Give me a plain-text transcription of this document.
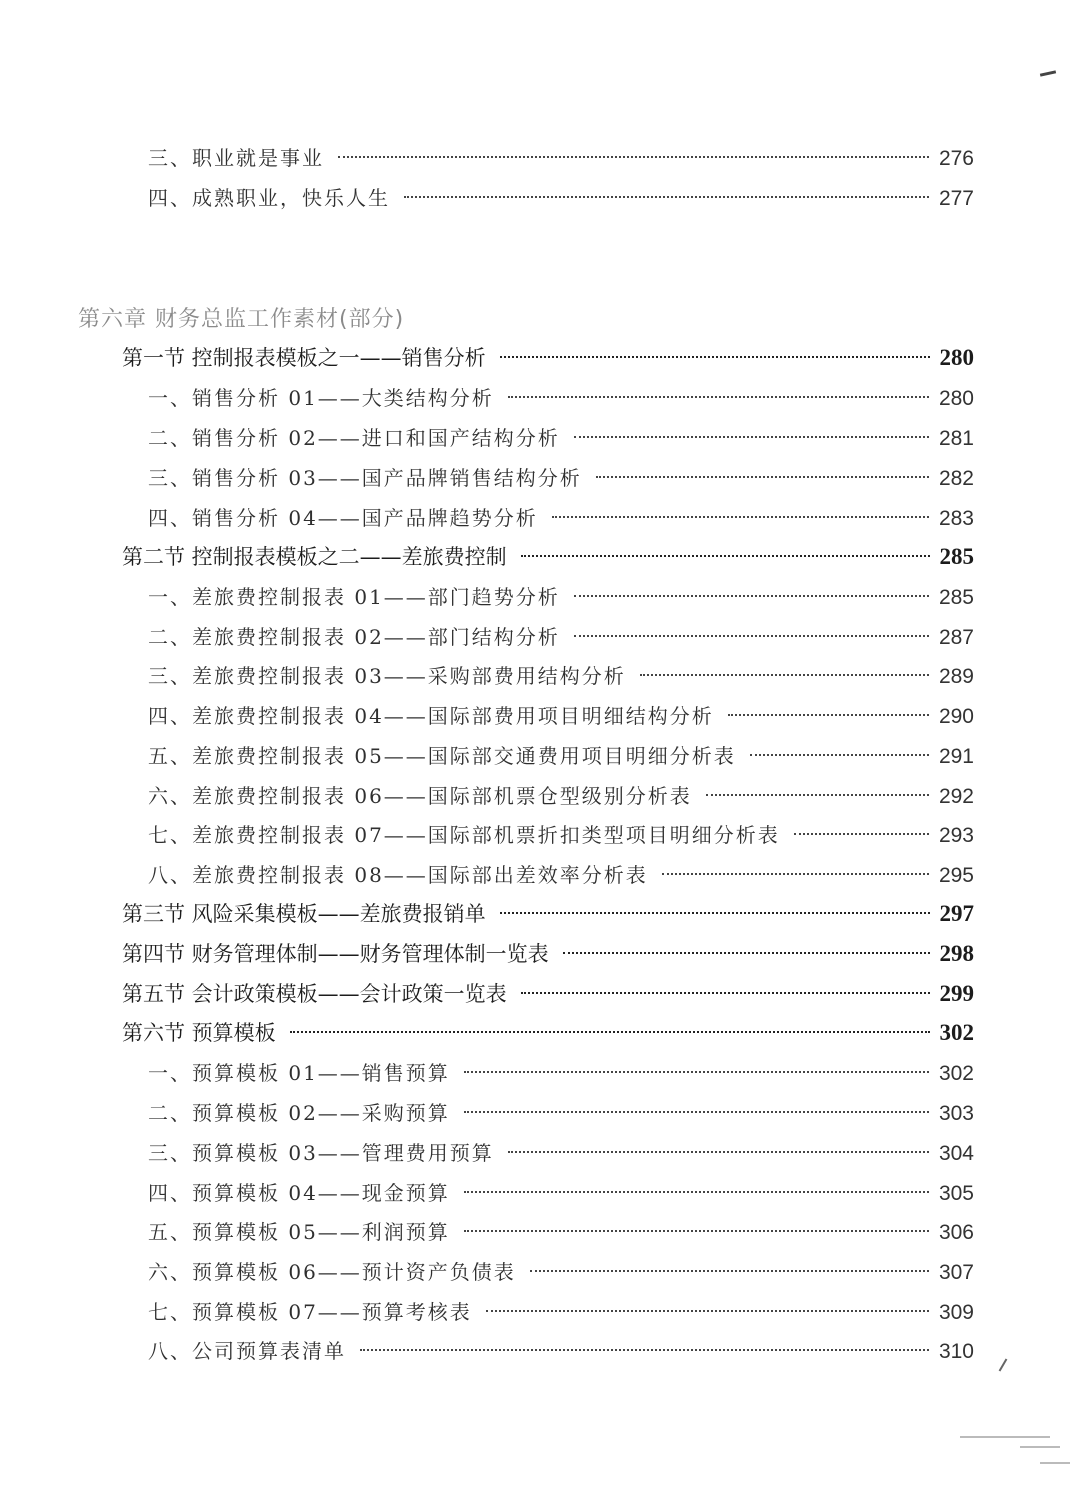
三、职业就是事业	276
四、成熟职业，快乐人生	277
第六章 财务总监工作素材(部分)
第一节 控制报表模板之一——销售分析	280
一、销售分析 01——大类结构分析	280
二、销售分析 02——进口和国产结构分析	281
三、销售分析 03——国产品牌销售结构分析	282
四、销售分析 04——国产品牌趋势分析	283
第二节 控制报表模板之二——差旅费控制	285
一、差旅费控制报表 01——部门趋势分析	285
二、差旅费控制报表 02——部门结构分析	287
三、差旅费控制报表 03——采购部费用结构分析	289
四、差旅费控制报表 04——国际部费用项目明细结构分析	290
五、差旅费控制报表 05——国际部交通费用项目明细分析表	291
六、差旅费控制报表 06——国际部机票仓型级别分析表	292
七、差旅费控制报表 07——国际部机票折扣类型项目明细分析表	293
八、差旅费控制报表 08——国际部出差效率分析表	295
第三节 风险采集模板——差旅费报销单	297
第四节 财务管理体制——财务管理体制一览表	298
第五节 会计政策模板——会计政策一览表	299
第六节 预算模板	302
一、预算模板 01——销售预算	302
二、预算模板 02——采购预算	303
三、预算模板 03——管理费用预算	304
四、预算模板 04——现金预算	305
五、预算模板 05——利润预算	306
六、预算模板 06——预计资产负债表	307
七、预算模板 07——预算考核表	309
八、公司预算表清单	310
